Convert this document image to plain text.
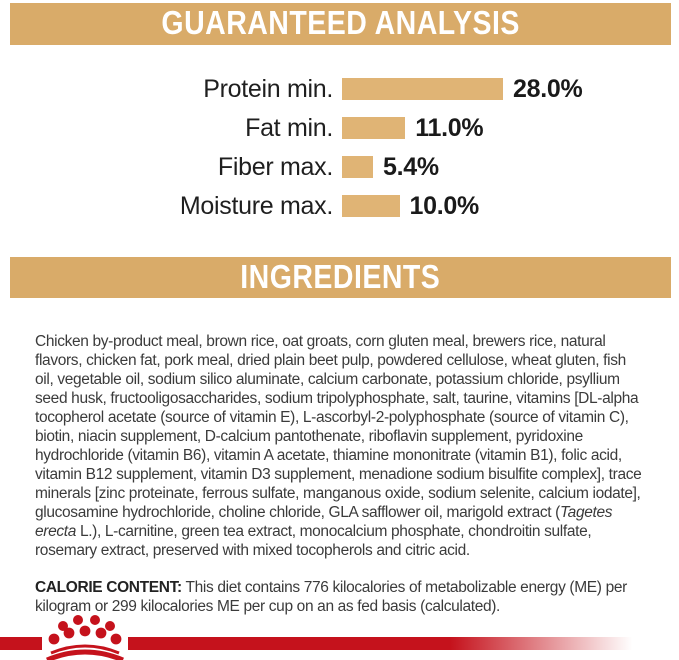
GUARANTEED ANALYSIS
Protein min.	28.0%
Fat min.	11.0%
Fiber max.	5.4%
Moisture max.	10.0%
INGREDIENTS

Chicken by-product meal, brown rice, oat groats, corn gluten meal, brewers rice, natural flavors, chicken fat, pork meal, dried plain beet pulp, powdered cellulose, wheat gluten, fish oil, vegetable oil, sodium silico aluminate, calcium carbonate, potassium chloride, psyllium seed husk, fructooligosaccharides, sodium tripolyphosphate, salt, taurine, vitamins [DL-alpha tocopherol acetate (source of vitamin E), L-ascorbyl-2-polyphosphate (source of vitamin C), biotin, niacin supplement, D-calcium pantothenate, riboflavin supplement, pyridoxine hydrochloride (vitamin B6), vitamin A acetate, thiamine mononitrate (vitamin B1), folic acid, vitamin B12 supplement, vitamin D3 supplement, menadione sodium bisulfite complex], trace minerals [zinc proteinate, ferrous sulfate, manganous oxide, sodium selenite, calcium iodate], glucosamine hydrochloride, choline chloride, GLA safflower oil, marigold extract (Tagetes erecta L.), L-carnitine, green tea extract, monocalcium phosphate, chondroitin sulfate, rosemary extract, preserved with mixed tocopherols and citric acid.

CALORIE CONTENT: This diet contains 776 kilocalories of metabolizable energy (ME) per kilogram or 299 kilocalories ME per cup on an as fed basis (calculated).
